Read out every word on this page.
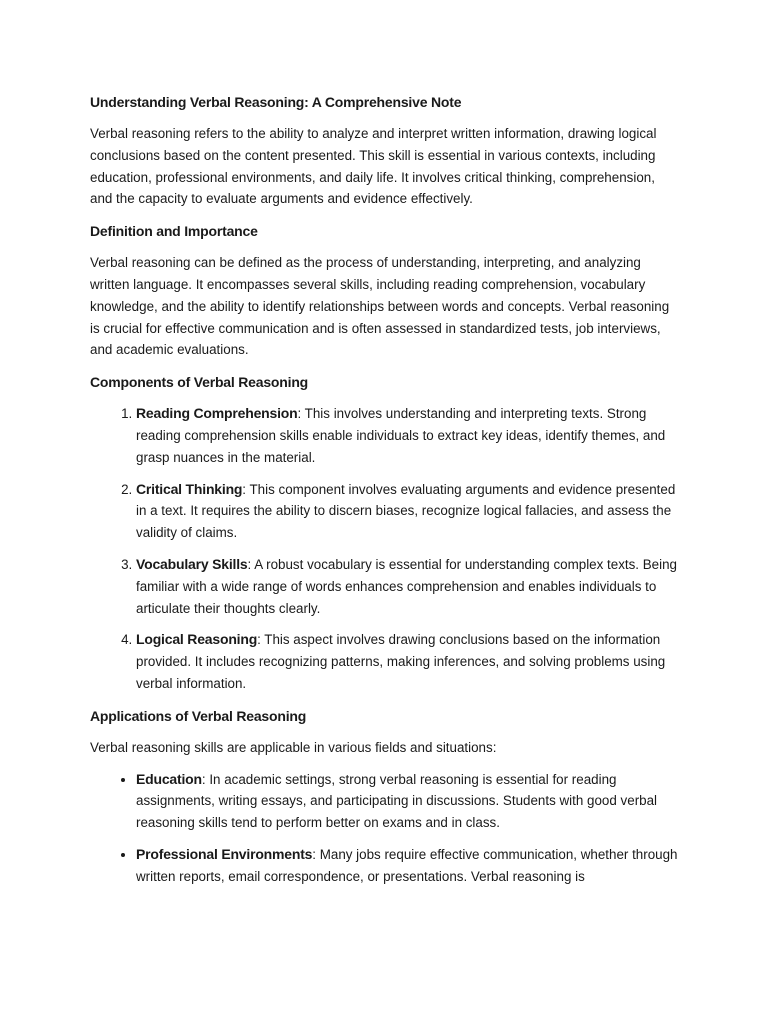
Understanding Verbal Reasoning: A Comprehensive Note

Verbal reasoning refers to the ability to analyze and interpret written information, drawing logical conclusions based on the content presented. This skill is essential in various contexts, including education, professional environments, and daily life. It involves critical thinking, comprehension, and the capacity to evaluate arguments and evidence effectively.

Definition and Importance

Verbal reasoning can be defined as the process of understanding, interpreting, and analyzing written language. It encompasses several skills, including reading comprehension, vocabulary knowledge, and the ability to identify relationships between words and concepts. Verbal reasoning is crucial for effective communication and is often assessed in standardized tests, job interviews, and academic evaluations.

Components of Verbal Reasoning
1. Reading Comprehension: This involves understanding and interpreting texts. Strong reading comprehension skills enable individuals to extract key ideas, identify themes, and grasp nuances in the material.
2. Critical Thinking: This component involves evaluating arguments and evidence presented in a text. It requires the ability to discern biases, recognize logical fallacies, and assess the validity of claims.
3. Vocabulary Skills: A robust vocabulary is essential for understanding complex texts. Being familiar with a wide range of words enhances comprehension and enables individuals to articulate their thoughts clearly.
4. Logical Reasoning: This aspect involves drawing conclusions based on the information provided. It includes recognizing patterns, making inferences, and solving problems using verbal information.
Applications of Verbal Reasoning

Verbal reasoning skills are applicable in various fields and situations:

• Education: In academic settings, strong verbal reasoning is essential for reading assignments, writing essays, and participating in discussions. Students with good verbal reasoning skills tend to perform better on exams and in class.
• Professional Environments: Many jobs require effective communication, whether through written reports, email correspondence, or presentations. Verbal reasoning is
